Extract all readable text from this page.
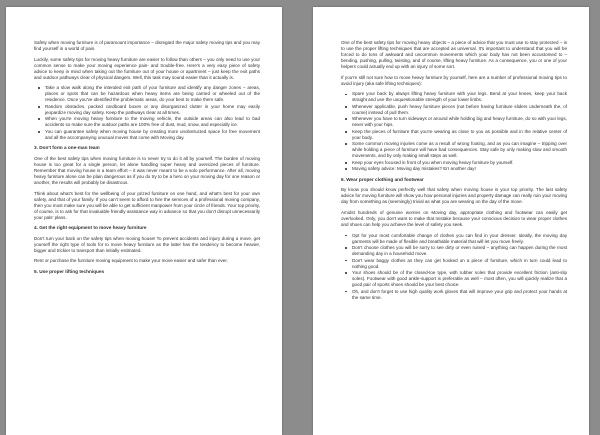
Safety when moving furniture is of paramount importance – disregard the major safety moving tips and you may find yourself in a world of pain.

Luckily, some safety tips for moving heavy furniture are easier to follow than others – you only need to use your common sense to make your moving experience pain- and trouble-free. Here's a very easy piece of safety advice to keep in mind when taking out the furniture out of your house or apartment – just keep the exit paths and outdoor pathways clear of physical dangers. Well, this task may sound easier than it actually is.

Take a slow walk along the intended exit path of your furniture and identify any danger zones – areas, places or spots that can be hazardous when heavy items are being carried or wheeled out of the residence. Once you've identified the problematic areas, do your best to make them safe.
Random obstacles, packed cardboard boxes or any disorganized clutter in your home may easily jeopardize moving day safety. Keep the pathways clear at all times.
When you're moving heavy furniture to the moving vehicle, the outside areas can also lead to bad accidents so make sure the outdoor paths are 100% free of dust, mud, snow, and especially ice.
You can guarantee safety when moving house by creating more unobstructed space for free movement and all the accompanying unusual moves that come with Moving day.
3. Don't form a one-man team

One of the best safety tips when moving furniture is to never try to do it all by yourself. The burden of moving house is too great for a single person, let alone handling super heavy and oversized pieces of furniture. Remember that moving house is a team effort – it was never meant to be a solo performance. After all, moving heavy furniture alone can be plain dangerous as if you do try to be a hero on your moving day for one reason or another, the results will probably be disastrous.

Think about what's best for the wellbeing of your prized furniture on one hand, and what's best for your own safety, and that of your family. If you can't seem to afford to hire the services of a professional moving company, then you must make sure you will be able to get sufficient manpower from your circle of friends. Your top priority, of course, is to ask for that invaluable friendly assistance way in advance so that you don't disrupt unnecessarily your pals' plans.

4. Get the right equipment to move heavy furniture

Don't turn your back on the safety tips when moving house! To prevent accidents and injury during a move, get yourself the right type of tools for to move heavy furniture as the latter has the tendency to become heavier, bigger and trickier to transport than initially estimated.

Rent or purchase the furniture moving equipment to make your move easier and safer than ever.

5. Use proper lifting techniques

One of the best safety tips for moving heavy objects – a piece of advice that you must use to stay protected – is to use the proper lifting techniques that are accepted as universal. It's important to understand that you will be forced to do tons of awkward and uncommon movements which your body has not been accustomed to – bending, pushing, pulling, twisting, and of course, lifting heavy furniture. As a consequence, you or one of your helpers could actually end up with an injury of some sort.

If you're still not sure how to move heavy furniture by yourself, here are a number of professional moving tips to avoid injury (aka safe lifting techniques):

Spare your back by always lifting heavy furniture with your legs. Bend at your knees, keep your back straight and use the unquestionable strength of your lower limbs.
Whenever applicable, push heavy furniture pieces (not before having furniture sliders underneath the, of course) instead of pull them.
Whenever you have to turn sideways or around while holding big and heavy furniture, do so with your legs, never with your hips.
Keep the pieces of furniture that you're wearing as close to you as possible and in the relative center of your body.
Some common moving injuries come as a result of wrong footing, and as you can imagine – tripping over while holding a piece of furniture will have bad consequences. Stay safe by only making slow and smooth movements, and by only making small steps as well.
Keep your eyes focused in front of you when moving heavy furniture by yourself.
Moving safety advice: Moving day mistakes? Err another day!
6. Wear proper clothing and footwear

By know you should know perfectly well that safety when moving house is your top priority. The last safety advice for moving furniture will show you how personal injuries and property damage can really ruin your moving day from something as (seemingly) trivial as what you are wearing on the day of the move.

Amidst hundreds of genuine worries on Moving day, appropriate clothing and footwear can easily get overlooked. Only, you don't want to make that mistake because your conscious decision to wear proper clothes and shoes can help you achieve the level of safety you seek.

Opt for your most comfortable change of clothes you can find in your dresser. Ideally, the moving day garments will be made of flexible and breathable material that will let you move freely.
Don't choose clothes you will be sorry to see dirty or even ruined – anything can happen during the most demanding day in a household move.
Don't wear baggy clothes as they can get hooked on a piece of furniture, which in turn could lead to nothing good.
Your shoes should be of the closed-toe type, with rubber soles that provide excellent friction (anti-slip soles). Footwear with good ankle-support is preferable as well – most often, you will quickly realize that a good pair of sports shoes should be your best choice.
Oh, and don't forget to use high quality work gloves that will improve your grip and protect your hands at the same time.
